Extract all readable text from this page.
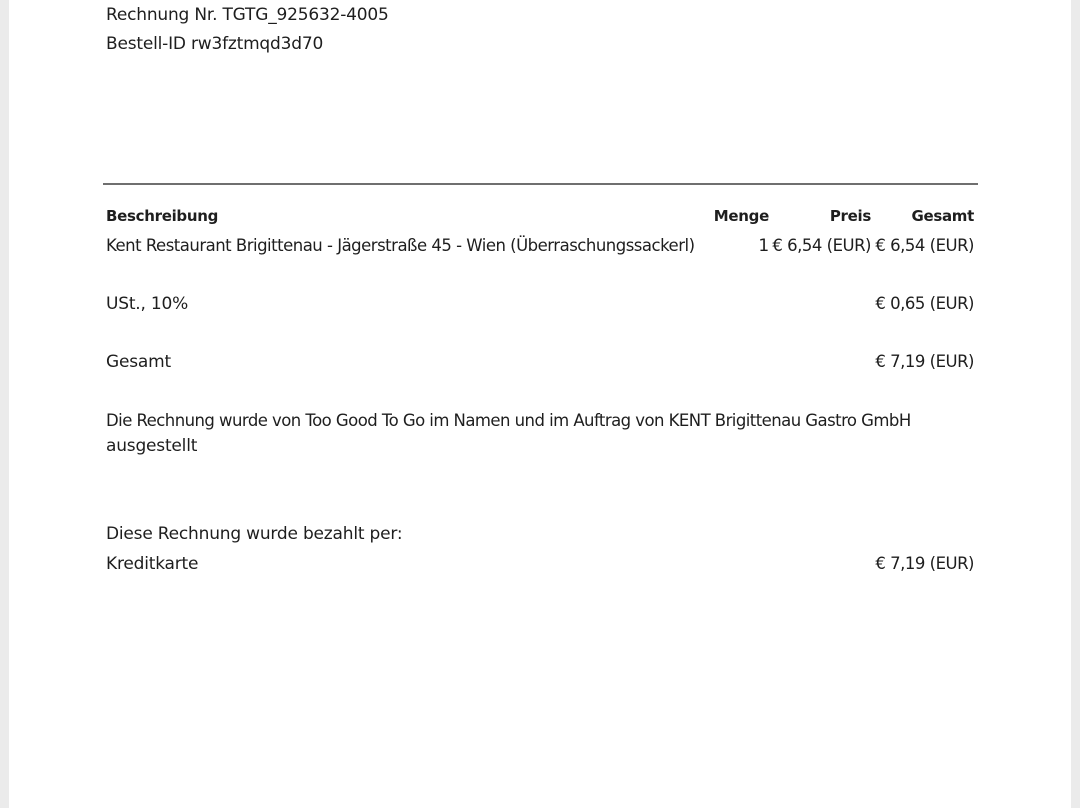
Rechnung Nr. TGTG_925632-4005
Bestell-ID rw3fztmqd3d70
Beschreibung	Menge	Preis	Gesamt
Kent Restaurant Brigittenau - Jägerstraße 45 - Wien (Überraschungssackerl)	1 € 6,54 (EUR) € 6,54 (EUR)
USt., 10%	€ 0,65 (EUR)
Gesamt	€ 7,19 (EUR)
Die Rechnung wurde von Too Good To Go im Namen und im Auftrag von KENT Brigittenau Gastro GmbH
ausgestellt
Diese Rechnung wurde bezahlt per:
Kreditkarte	€ 7,19 (EUR)
